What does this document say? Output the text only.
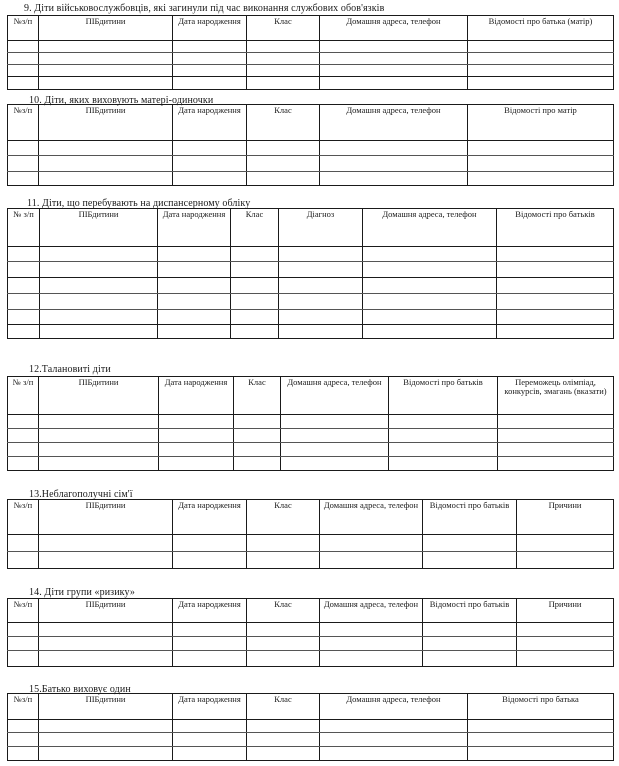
9. Діти військовослужбовців, які загинули під час виконання службових обов'язків
№з/п	ПІБдитини	Дата народження	Клас	Домашня адреса, телефон	Відомості про батька (матір)

10. Діти, яких виховують матері-одиночки
№з/п	ПІБдитини	Дата народження	Клас	Домашня адреса, телефон	Відомості про матір

11. Діти, що перебувають на диспансерному обліку
№ з/п	ПІБдитини	Дата народження	Клас	Діагноз	Домашня адреса, телефон	Відомості про батьків

12.Талановиті діти
№ з/п	ПІБдитини	Дата народження	Клас	Домашня адреса, телефон	Відомості про батьків	Переможець олімпіад, конкурсів, змагань (вказати)

13.Неблагополучні сім'ї
№з/п	ПІБдитини	Дата народження	Клас	Домашня адреса, телефон	Відомості про батьків	Причини

14. Діти групи «ризику»
№з/п	ПІБдитини	Дата народження	Клас	Домашня адреса, телефон	Відомості про батьків	Причини

15.Батько виховує один
№з/п	ПІБдитини	Дата народження	Клас	Домашня адреса, телефон	Відомості про батька
